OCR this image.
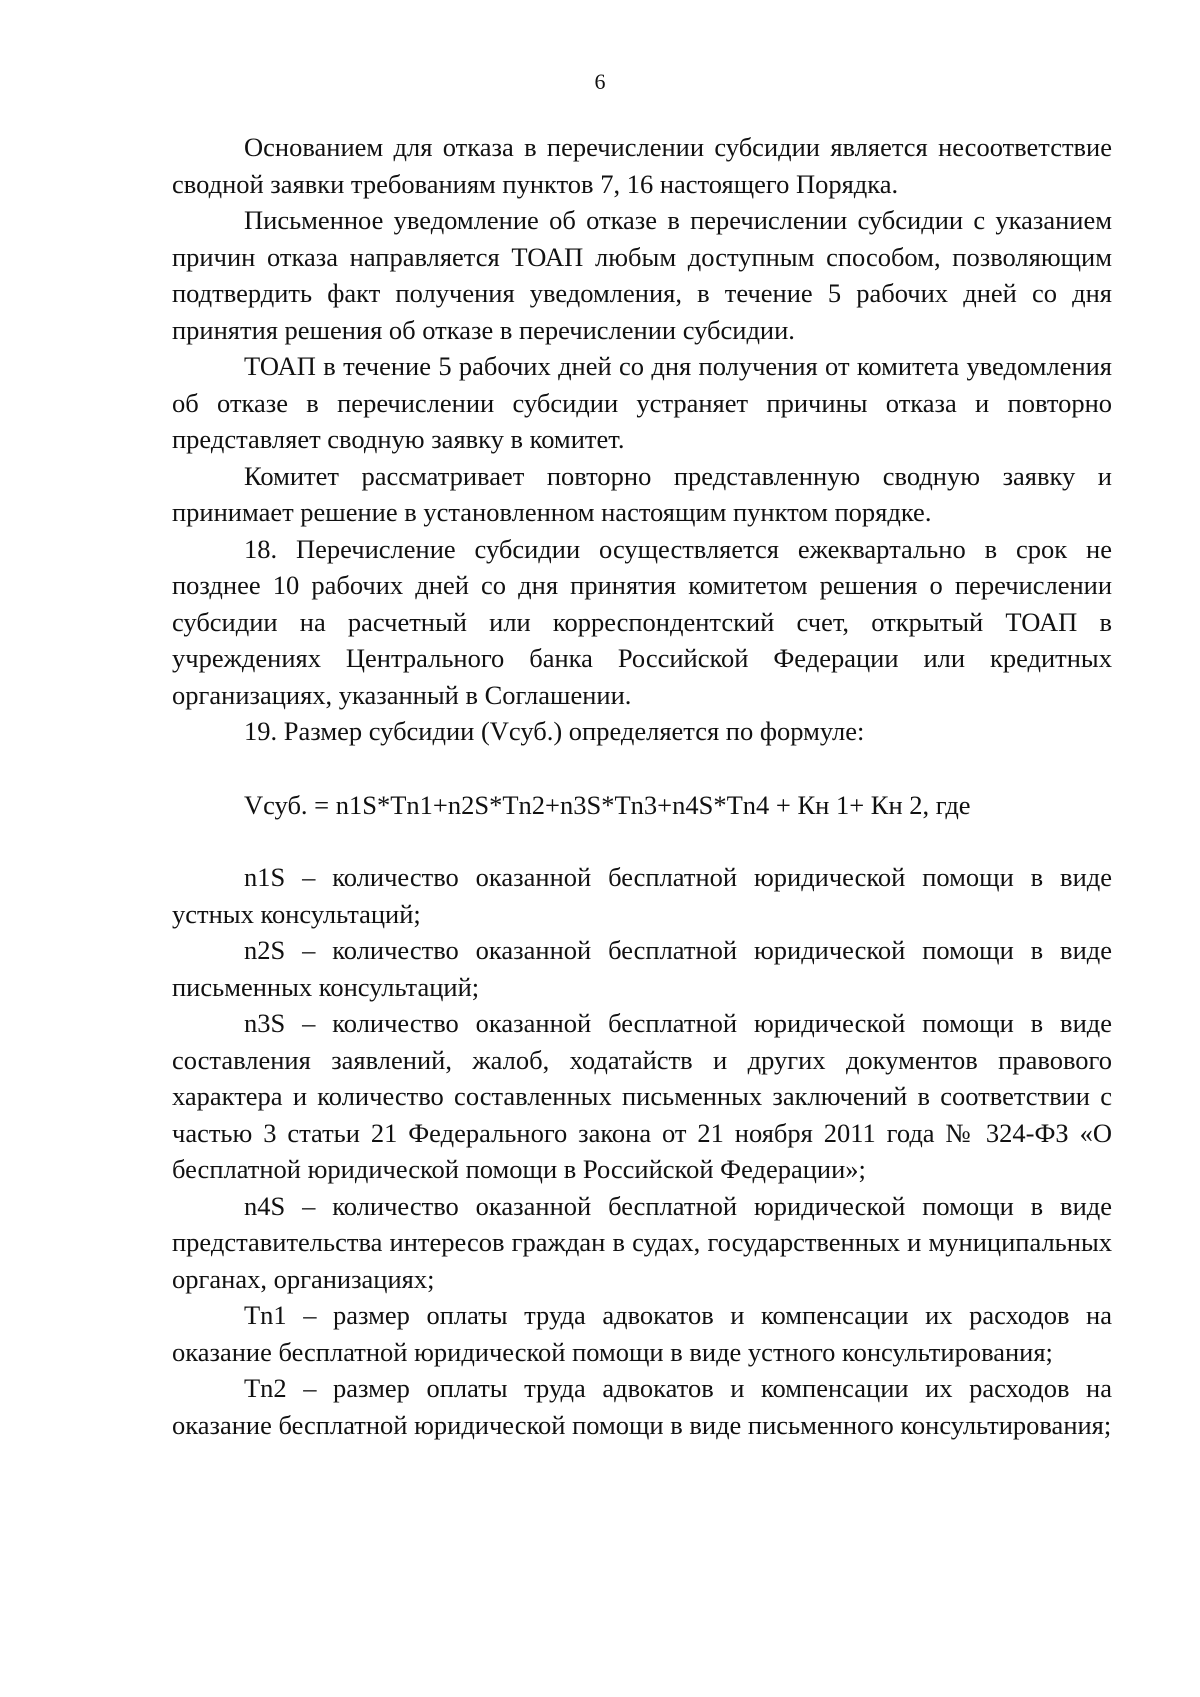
6

Основанием для отказа в перечислении субсидии является несоответствие сводной заявки требованиям пунктов 7, 16 настоящего Порядка.

Письменное уведомление об отказе в перечислении субсидии с указанием причин отказа направляется ТОАП любым доступным способом, позволяющим подтвердить факт получения уведомления, в течение 5 рабочих дней со дня принятия решения об отказе в перечислении субсидии.

ТОАП в течение 5 рабочих дней со дня получения от комитета уведомления об отказе в перечислении субсидии устраняет причины отказа и повторно представляет сводную заявку в комитет.

Комитет рассматривает повторно представленную сводную заявку и принимает решение в установленном настоящим пунктом порядке.

18. Перечисление субсидии осуществляется ежеквартально в срок не позднее 10 рабочих дней со дня принятия комитетом решения о перечислении субсидии на расчетный или корреспондентский счет, открытый ТОАП в учреждениях Центрального банка Российской Федерации или кредитных организациях, указанный в Соглашении.

19. Размер субсидии (Vсуб.) определяется по формуле:

Vсуб. = n1S*Tn1+n2S*Tn2+n3S*Tn3+n4S*Tn4 + Кн 1+ Кн 2, где

n1S – количество оказанной бесплатной юридической помощи в виде устных консультаций;

n2S – количество оказанной бесплатной юридической помощи в виде письменных консультаций;

n3S – количество оказанной бесплатной юридической помощи в виде составления заявлений, жалоб, ходатайств и других документов правового характера и количество составленных письменных заключений в соответствии с частью 3 статьи 21 Федерального закона от 21 ноября 2011 года № 324-ФЗ «О бесплатной юридической помощи в Российской Федерации»;

n4S – количество оказанной бесплатной юридической помощи в виде представительства интересов граждан в судах, государственных и муниципальных органах, организациях;

Tn1 – размер оплаты труда адвокатов и компенсации их расходов на оказание бесплатной юридической помощи в виде устного консультирования;

Tn2 – размер оплаты труда адвокатов и компенсации их расходов на оказание бесплатной юридической помощи в виде письменного консультирования;
